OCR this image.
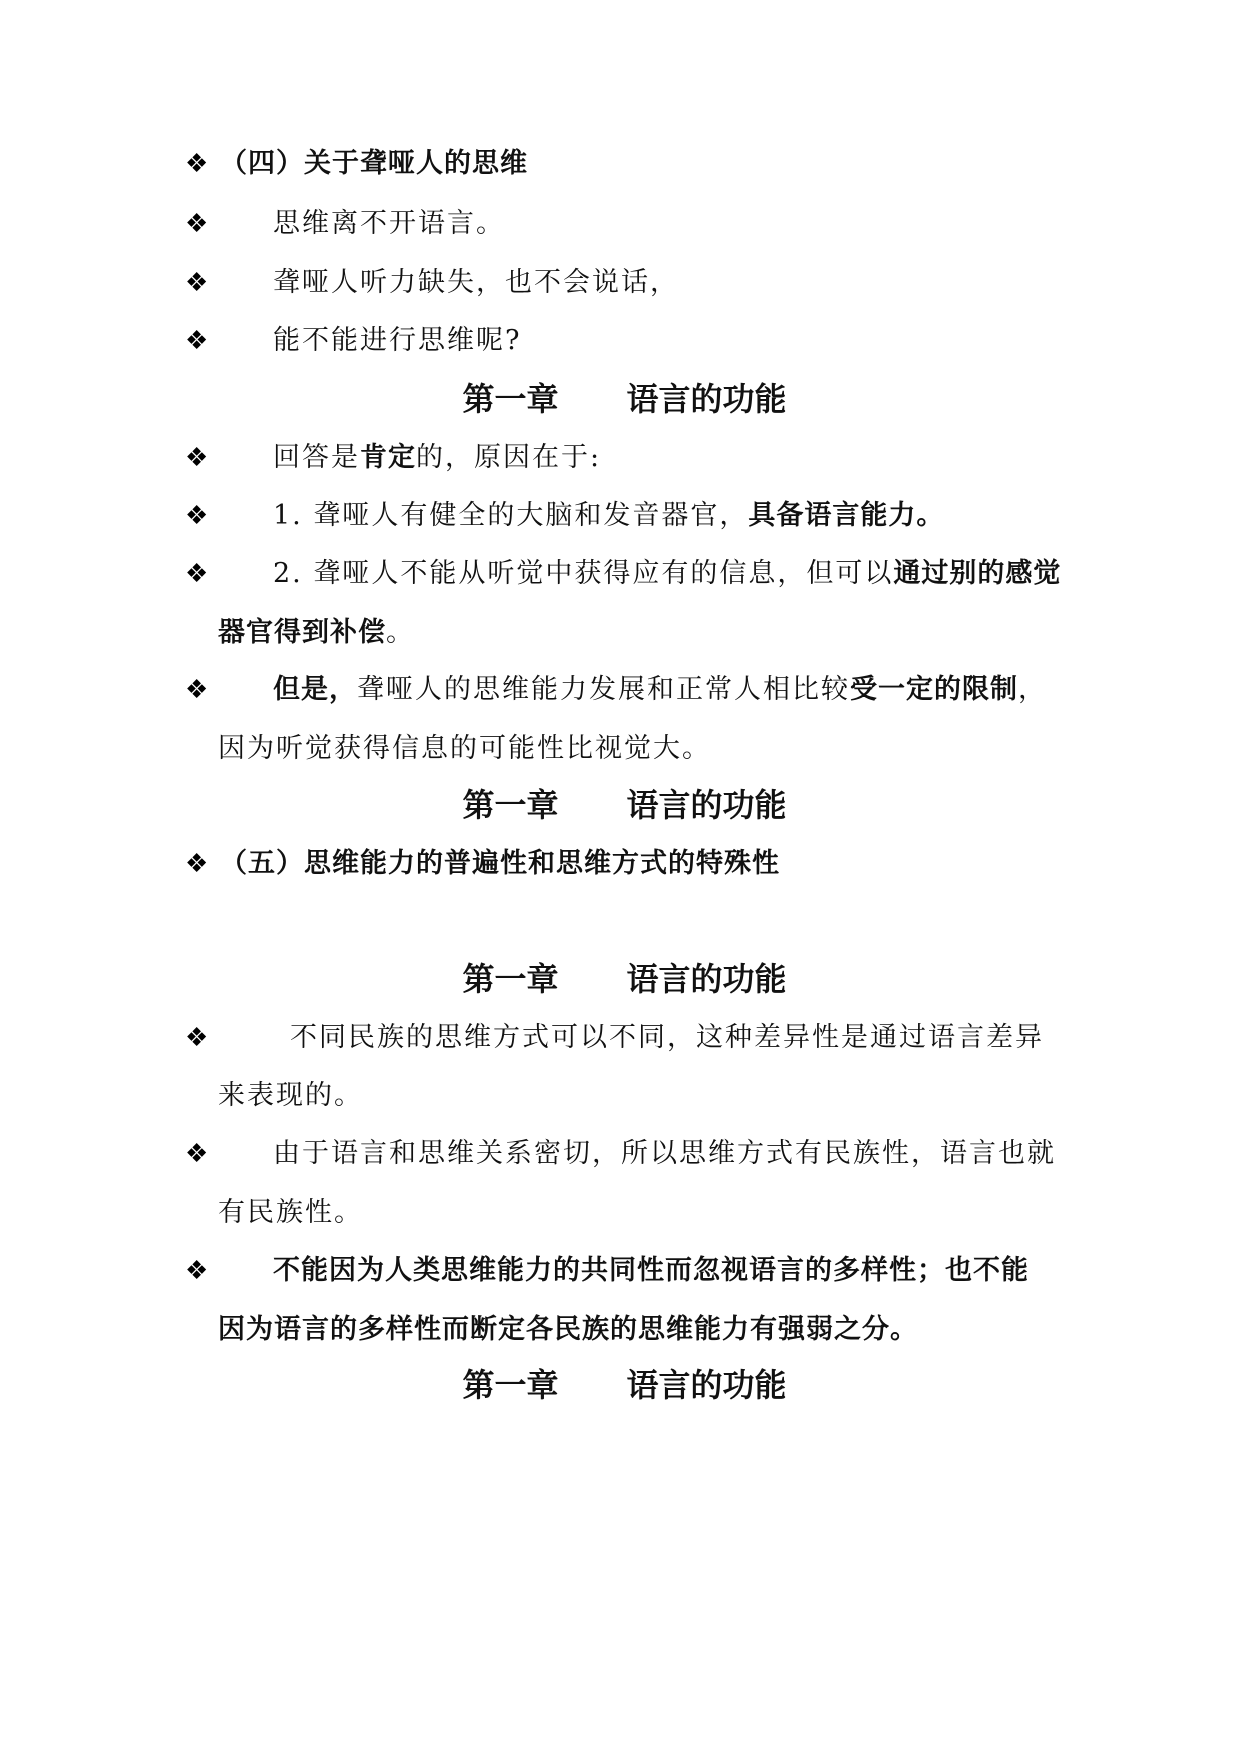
❖ （四）关于聋哑人的思维
❖ 思维离不开语言。
❖ 聋哑人听力缺失，也不会说话，
❖ 能不能进行思维呢?
第一章 语言的功能
❖ 回答是肯定的，原因在于:
❖ 1. 聋哑人有健全的大脑和发音器官，具备语言能力。
❖ 2. 聋哑人不能从听觉中获得应有的信息，但可以通过别的感觉
器官得到补偿。
❖ 但是，聋哑人的思维能力发展和正常人相比较受一定的限制，
因为听觉获得信息的可能性比视觉大。
第一章 语言的功能
❖ （五）思维能力的普遍性和思维方式的特殊性
第一章 语言的功能
❖	不同民族的思维方式可以不同，这种差异性是通过语言差异
来表现的。
❖ 由于语言和思维关系密切，所以思维方式有民族性，语言也就
有民族性。
❖ 不能因为人类思维能力的共同性而忽视语言的多样性；也不能
因为语言的多样性而断定各民族的思维能力有强弱之分。
第一章 语言的功能
